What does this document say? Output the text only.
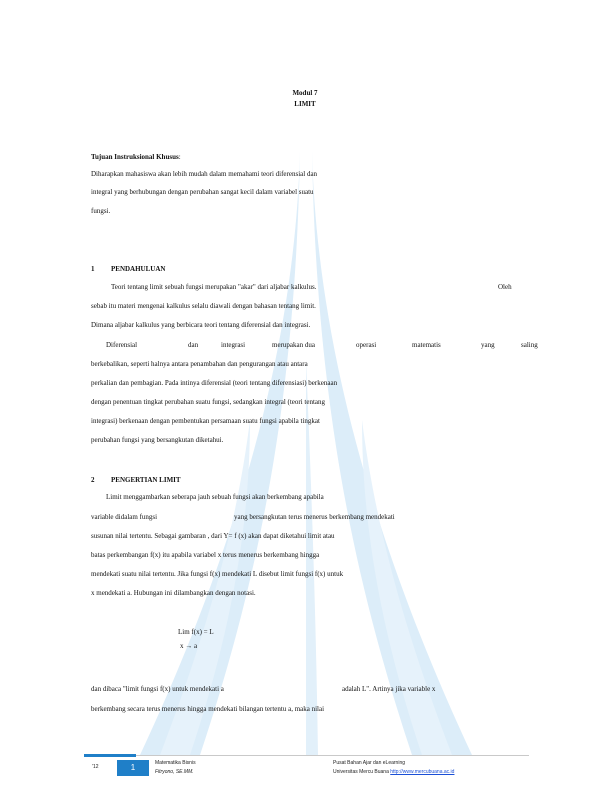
Modul 7
LIMIT
Tujuan Instruksional Khusus:
Diharapkan mahasiswa akan lebih mudah dalam memahami teori diferensial dan
integral yang berhubungan dengan perubahan sangat kecil dalam variabel suatu
fungsi.
1 PENDAHULUAN
Teori tentang limit sebuah fungsi merupakan "akar" dari aljabar kalkulus.	Oleh
sebab itu materi mengenai kalkulus selalu diawali dengan bahasan tentang limit.
Dimana aljabar kalkulus yang berbicara teori tentang diferensial dan integrasi.
Diferensial	dan	integrasi	merupakan dua	operasi	matematis	yang	saling
berkebalikan, seperti halnya antara penambahan dan pengurangan atau antara
perkalian dan pembagian. Pada intinya diferensial (teori tentang diferensiasi) berkenaan
dengan penentuan tingkat perubahan suatu fungsi, sedangkan integral (teori tentang
integrasi) berkenaan dengan pembentukan persamaan suatu fungsi apabila tingkat
perubahan fungsi yang bersangkutan diketahui.
2 PENGERTIAN LIMIT
Limit menggambarkan seberapa jauh sebuah fungsi akan berkembang apabila
variable didalam fungsi	yang bersangkutan terus menerus berkembang mendekati
susunan nilai tertentu. Sebagai gambaran , dari Y= f (x) akan dapat diketahui limit atau
batas perkembangan f(x) itu apabila variabel x terus menerus berkembang hingga
mendekati suatu nilai tertentu. Jika fungsi f(x) mendekati L disebut limit fungsi f(x) untuk
x mendekati a. Hubungan ini dilambangkan dengan notasi.
Lim f(x) = L
x → a
dan dibaca "limit fungsi f(x) untuk mendekati a	adalah L". Artinya jika variable x
berkembang secara terus menerus hingga mendekati bilangan tertentu a, maka nilai
'12	1	Matematika Bisnis
Fitryono, SE.MM.
Pusat Bahan Ajar dan eLearning
Universitas Mercu Buana http://www.mercubuana.ac.id
